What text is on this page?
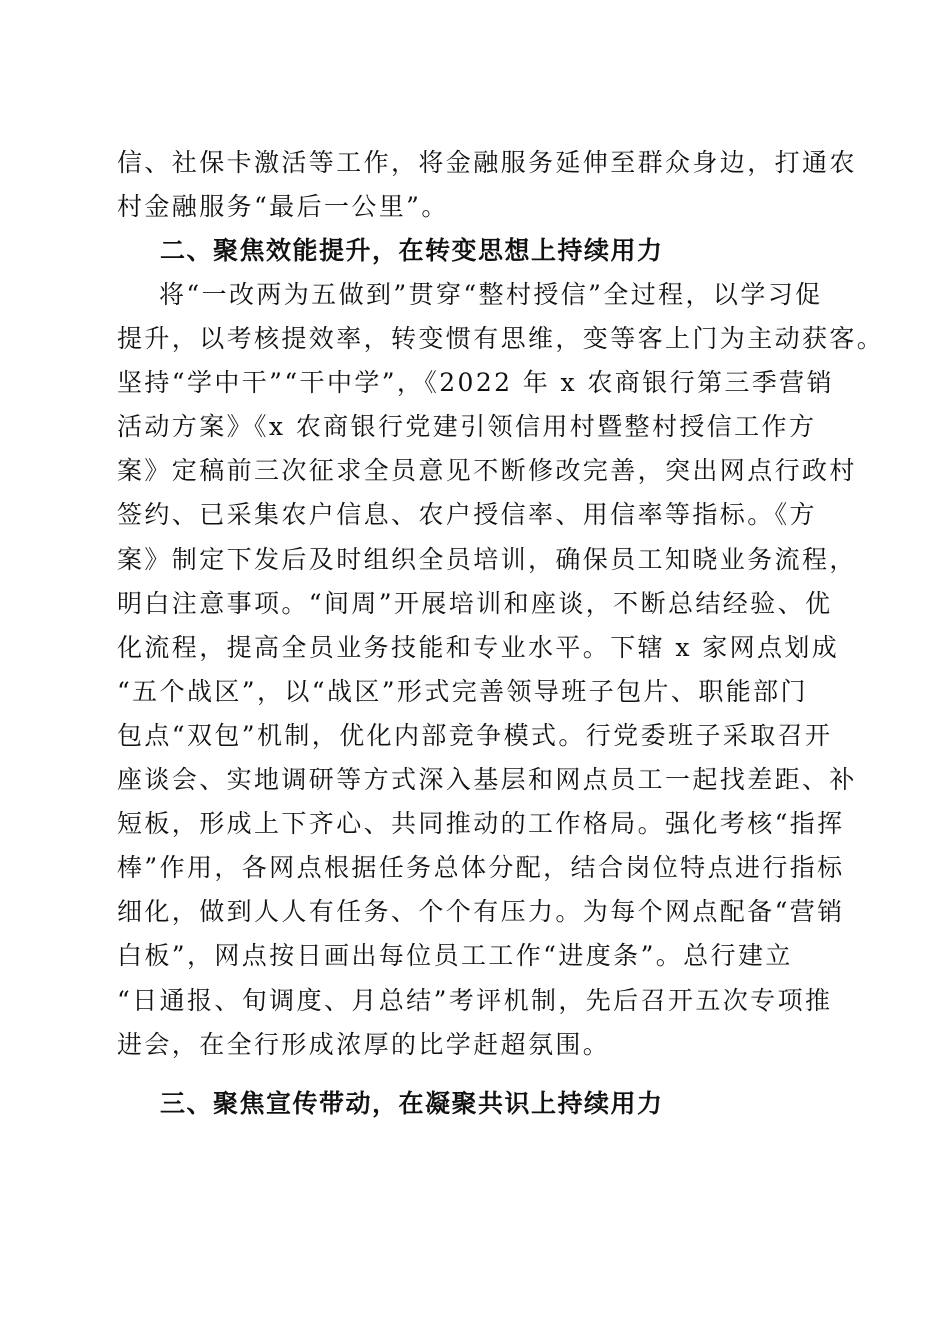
信、社保卡激活等工作，将金融服务延伸至群众身边，打通农
村金融服务“最后一公里”。
二、聚焦效能提升，在转变思想上持续用力
将“一改两为五做到”贯穿“整村授信”全过程，以学习促
提升，以考核提效率，转变惯有思维，变等客上门为主动获客。
坚持“学中干”“干中学”，《2022 年 x 农商银行第三季营销
活动方案》《x 农商银行党建引领信用村暨整村授信工作方
案》定稿前三次征求全员意见不断修改完善，突出网点行政村
签约、已采集农户信息、农户授信率、用信率等指标。《方
案》制定下发后及时组织全员培训，确保员工知晓业务流程，
明白注意事项。“间周”开展培训和座谈，不断总结经验、优
化流程，提高全员业务技能和专业水平。下辖 x 家网点划成
“五个战区”，以“战区”形式完善领导班子包片、职能部门
包点“双包”机制，优化内部竞争模式。行党委班子采取召开
座谈会、实地调研等方式深入基层和网点员工一起找差距、补
短板，形成上下齐心、共同推动的工作格局。强化考核“指挥
棒”作用，各网点根据任务总体分配，结合岗位特点进行指标
细化，做到人人有任务、个个有压力。为每个网点配备“营销
白板”，网点按日画出每位员工工作“进度条”。总行建立
“日通报、旬调度、月总结”考评机制，先后召开五次专项推
进会，在全行形成浓厚的比学赶超氛围。
三、聚焦宣传带动，在凝聚共识上持续用力
